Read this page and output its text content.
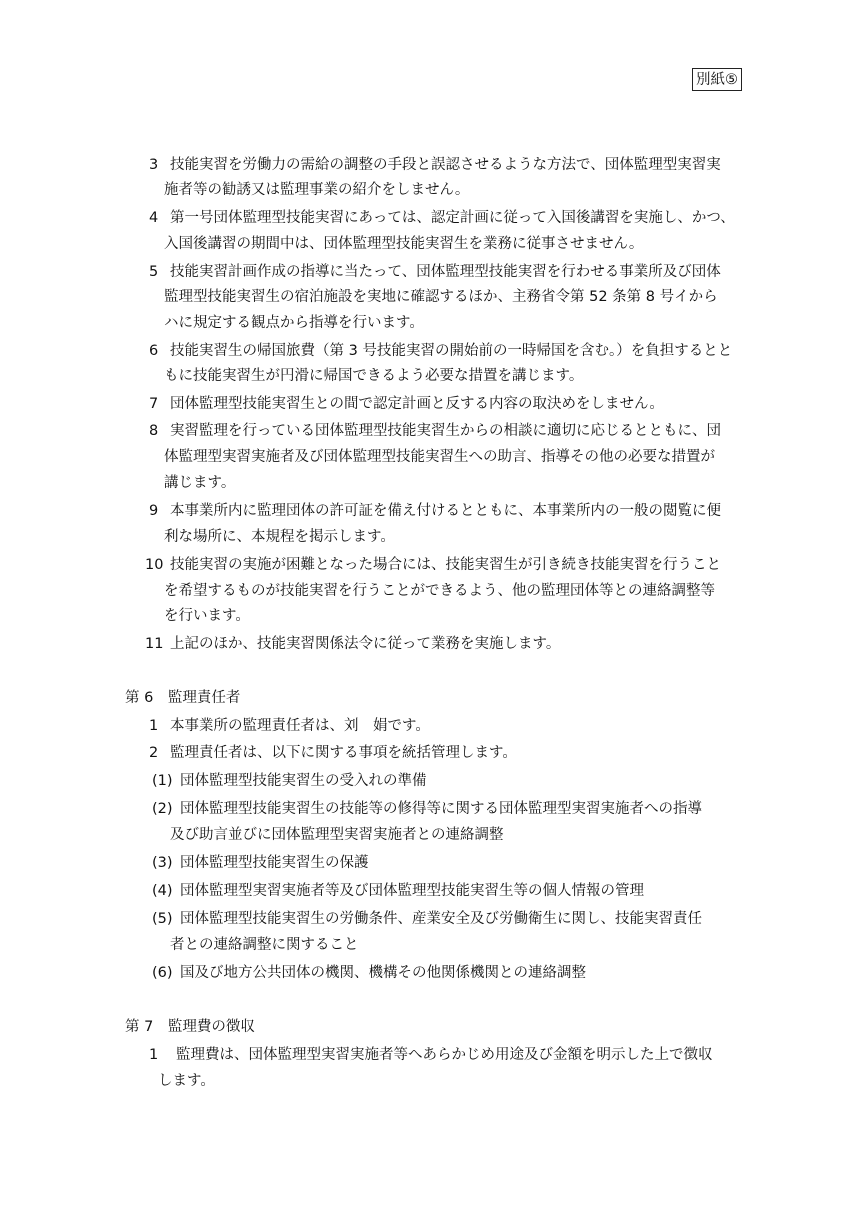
別紙⑤
3 技能実習を労働力の需給の調整の手段と誤認させるような方法で、団体監理型実習実
施者等の勧誘又は監理事業の紹介をしません。
4 第一号団体監理型技能実習にあっては、認定計画に従って入国後講習を実施し、かつ、
入国後講習の期間中は、団体監理型技能実習生を業務に従事させません。
5 技能実習計画作成の指導に当たって、団体監理型技能実習を行わせる事業所及び団体
監理型技能実習生の宿泊施設を実地に確認するほか、主務省令第 52 条第 8 号イから
ハに規定する観点から指導を行います。
6 技能実習生の帰国旅費（第 3 号技能実習の開始前の一時帰国を含む。）を負担するとと
もに技能実習生が円滑に帰国できるよう必要な措置を講じます。
7 団体監理型技能実習生との間で認定計画と反する内容の取決めをしません。
8 実習監理を行っている団体監理型技能実習生からの相談に適切に応じるとともに、団
体監理型実習実施者及び団体監理型技能実習生への助言、指導その他の必要な措置が
講じます。
9 本事業所内に監理団体の許可証を備え付けるとともに、本事業所内の一般の閲覧に便
利な場所に、本規程を掲示します。
10 技能実習の実施が困難となった場合には、技能実習生が引き続き技能実習を行うこと
を希望するものが技能実習を行うことができるよう、他の監理団体等との連絡調整等
を行います。
11 上記のほか、技能実習関係法令に従って業務を実施します。
第 6　監理責任者
1 本事業所の監理責任者は、刘　娟です。
2 監理責任者は、以下に関する事項を統括管理します。
(1) 団体監理型技能実習生の受入れの準備
(2) 団体監理型技能実習生の技能等の修得等に関する団体監理型実習実施者への指導
及び助言並びに団体監理型実習実施者との連絡調整
(3) 団体監理型技能実習生の保護
(4) 団体監理型実習実施者等及び団体監理型技能実習生等の個人情報の管理
(5) 団体監理型技能実習生の労働条件、産業安全及び労働衛生に関し、技能実習責任
者との連絡調整に関すること
(6) 国及び地方公共団体の機関、機構その他関係機関との連絡調整
第 7　監理費の徴収
1 監理費は、団体監理型実習実施者等へあらかじめ用途及び金額を明示した上で徴収
します。
